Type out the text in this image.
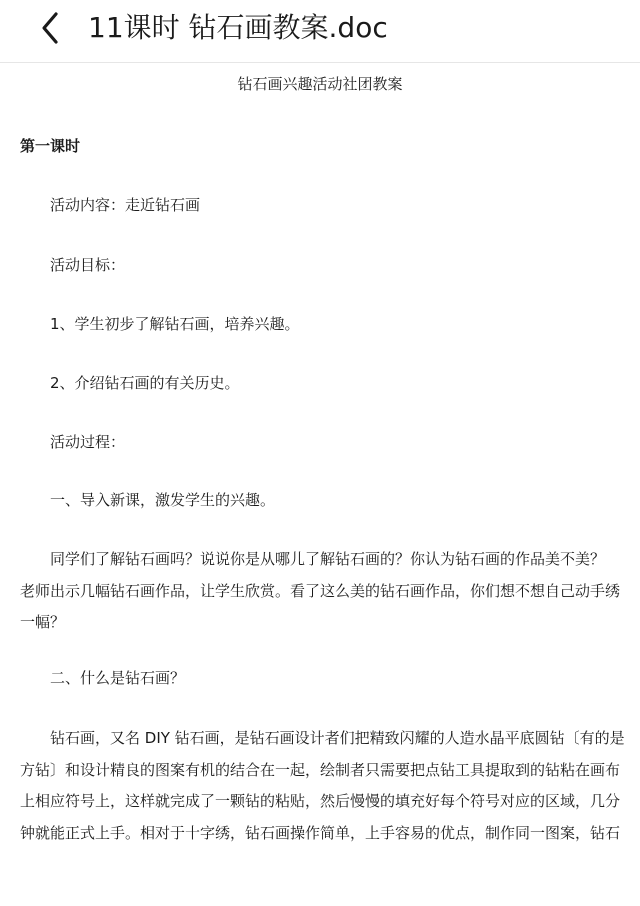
11课时 钻石画教案.doc
钻石画兴趣活动社团教案
第一课时
活动内容：走近钻石画
活动目标：
1、学生初步了解钻石画，培养兴趣。
2、介绍钻石画的有关历史。
活动过程：
一、导入新课，激发学生的兴趣。
同学们了解钻石画吗？说说你是从哪儿了解钻石画的？你认为钻石画的作品美不美？
老师出示几幅钻石画作品，让学生欣赏。看了这么美的钻石画作品，你们想不想自己动手绣
一幅？
二、什么是钻石画？
钻石画，又名 DIY 钻石画，是钻石画设计者们把精致闪耀的人造水晶平底圆钻〔有的是
方钻〕和设计精良的图案有机的结合在一起，绘制者只需要把点钻工具提取到的钻粘在画布
上相应符号上，这样就完成了一颗钻的粘贴，然后慢慢的填充好每个符号对应的区域，几分
钟就能正式上手。相对于十字绣，钻石画操作简单，上手容易的优点，制作同一图案，钻石
